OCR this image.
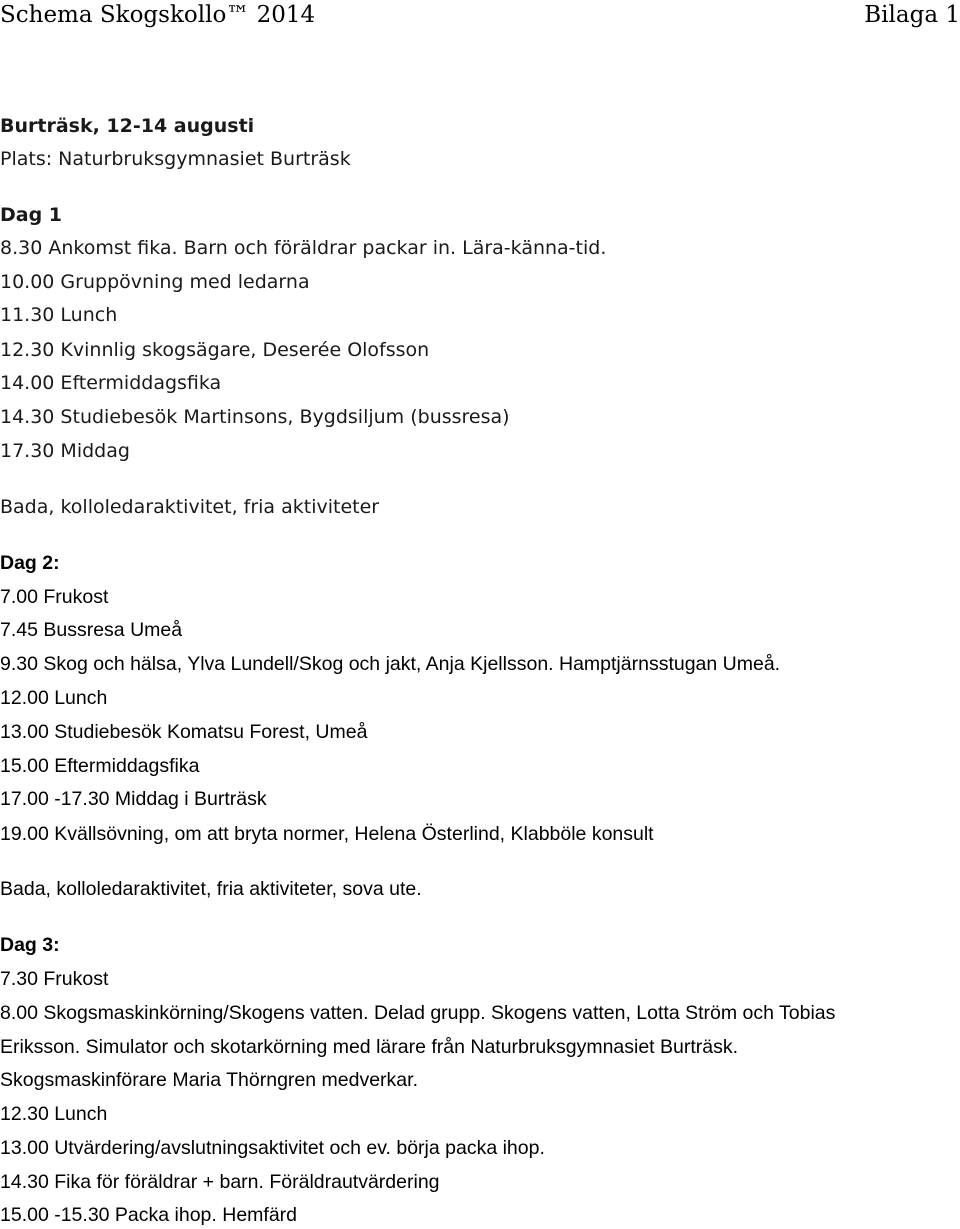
Schema Skogskollo™ 2014	Bilaga 1
Burträsk, 12-14 augusti
Plats: Naturbruksgymnasiet Burträsk
Dag 1
8.30 Ankomst fika. Barn och föräldrar packar in. Lära-känna-tid.
10.00 Gruppövning med ledarna
11.30 Lunch
12.30 Kvinnlig skogsägare, Deserée Olofsson
14.00 Eftermiddagsfika
14.30 Studiebesök Martinsons, Bygdsiljum (bussresa)
17.30 Middag
Bada, kolloledaraktivitet, fria aktiviteter
Dag 2:
7.00 Frukost
7.45 Bussresa Umeå
9.30 Skog och hälsa, Ylva Lundell/Skog och jakt, Anja Kjellsson. Hamptjärnsstugan Umeå.
12.00 Lunch
13.00 Studiebesök Komatsu Forest, Umeå
15.00 Eftermiddagsfika
17.00 -17.30 Middag i Burträsk
19.00 Kvällsövning, om att bryta normer, Helena Österlind, Klabböle konsult
Bada, kolloledaraktivitet, fria aktiviteter, sova ute.
Dag 3:
7.30 Frukost
8.00 Skogsmaskinkörning/Skogens vatten. Delad grupp. Skogens vatten, Lotta Ström och Tobias
Eriksson. Simulator och skotarkörning med lärare från Naturbruksgymnasiet Burträsk.
Skogsmaskinförare Maria Thörngren medverkar.
12.30 Lunch
13.00 Utvärdering/avslutningsaktivitet och ev. börja packa ihop.
14.30 Fika för föräldrar + barn. Föräldrautvärdering
15.00 -15.30 Packa ihop. Hemfärd
